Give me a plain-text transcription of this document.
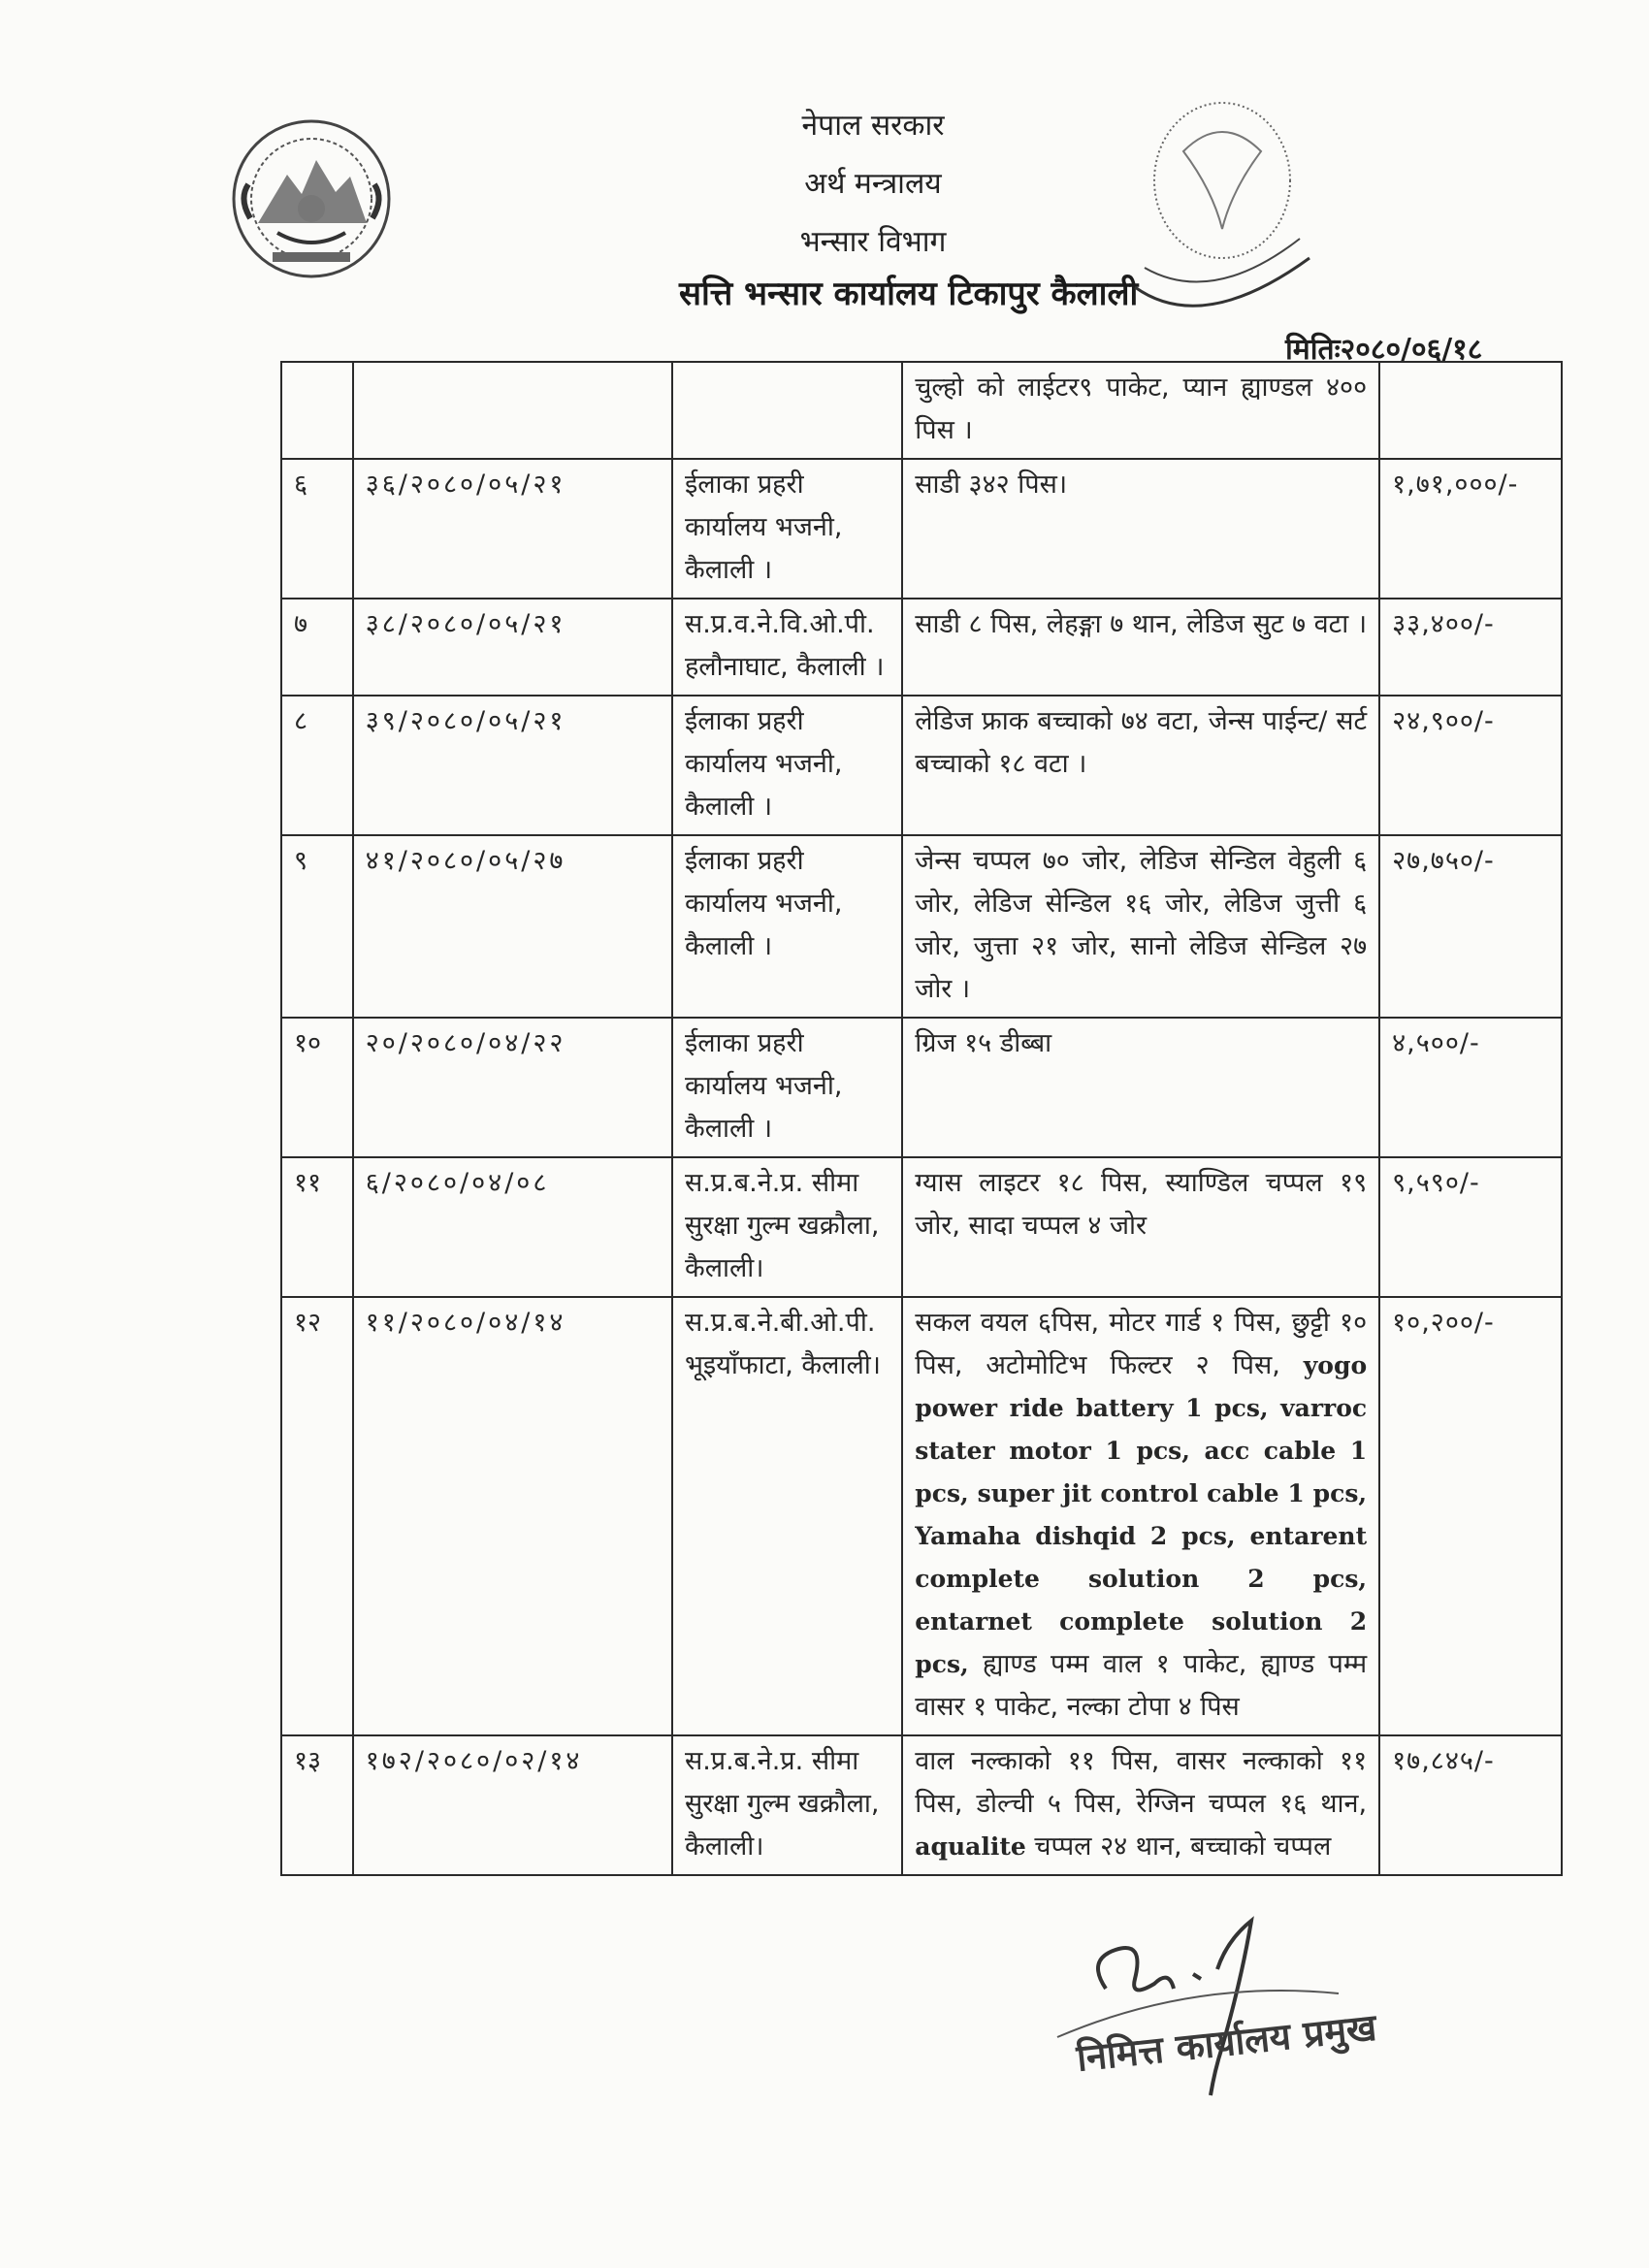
नेपाल सरकार
अर्थ मन्त्रालय
भन्सार विभाग
सत्ति भन्सार कार्यालय टिकापुर कैलाली
मितिः२०८०/०६/१८
			चुल्हो को लाईटर९ पाकेट, प्यान ह्याण्डल ४०० पिस ।	
६	३६/२०८०/०५/२१	ईलाका प्रहरी कार्यालय भजनी, कैलाली ।	साडी ३४२ पिस।	१,७१,०००/-
७	३८/२०८०/०५/२१	स.प्र.व.ने.वि.ओ.पी. हलौनाघाट, कैलाली ।	साडी ८ पिस, लेहङ्गा ७ थान, लेडिज सुट ७ वटा ।	३३,४००/-
८	३९/२०८०/०५/२१	ईलाका प्रहरी कार्यालय भजनी, कैलाली ।	लेडिज फ्राक बच्चाको ७४ वटा, जेन्स पाईन्ट/ सर्ट बच्चाको १८ वटा ।	२४,९००/-
९	४१/२०८०/०५/२७	ईलाका प्रहरी कार्यालय भजनी, कैलाली ।	जेन्स चप्पल ७० जोर, लेडिज सेन्डिल वेहुली ६ जोर, लेडिज सेन्डिल १६ जोर, लेडिज जुत्ती ६ जोर, जुत्ता २१ जोर, सानो लेडिज सेन्डिल २७ जोर ।	२७,७५०/-
१०	२०/२०८०/०४/२२	ईलाका प्रहरी कार्यालय भजनी, कैलाली ।	ग्रिज १५ डीब्बा	४,५००/-
११	६/२०८०/०४/०८	स.प्र.ब.ने.प्र. सीमा सुरक्षा गुल्म खक्रौला, कैलाली।	ग्यास लाइटर १८ पिस, स्याण्डिल चप्पल १९ जोर, सादा चप्पल ४ जोर	९,५९०/-
१२	११/२०८०/०४/१४	स.प्र.ब.ने.बी.ओ.पी. भूइयाँफाटा, कैलाली।	सकल वयल ६पिस, मोटर गार्ड १ पिस, छुट्टी १० पिस, अटोमोटिभ फिल्टर २ पिस, yogo power ride battery 1 pcs, varroc stater motor 1 pcs, acc cable 1 pcs, super jit control cable 1 pcs, Yamaha dishqid 2 pcs, entarent complete solution 2 pcs, entarnet complete solution 2 pcs, ह्याण्ड पम्म वाल १ पाकेट, ह्याण्ड पम्म वासर १ पाकेट, नल्का टोपा ४ पिस	१०,२००/-
१३	१७२/२०८०/०२/१४	स.प्र.ब.ने.प्र. सीमा सुरक्षा गुल्म खक्रौला, कैलाली।	वाल नल्काको ११ पिस, वासर नल्काको ११ पिस, डोल्ची ५ पिस, रेग्जिन चप्पल १६ थान, aqualite चप्पल २४ थान, बच्चाको चप्पल	१७,८४५/-
निमित्त कार्यालय प्रमुख
